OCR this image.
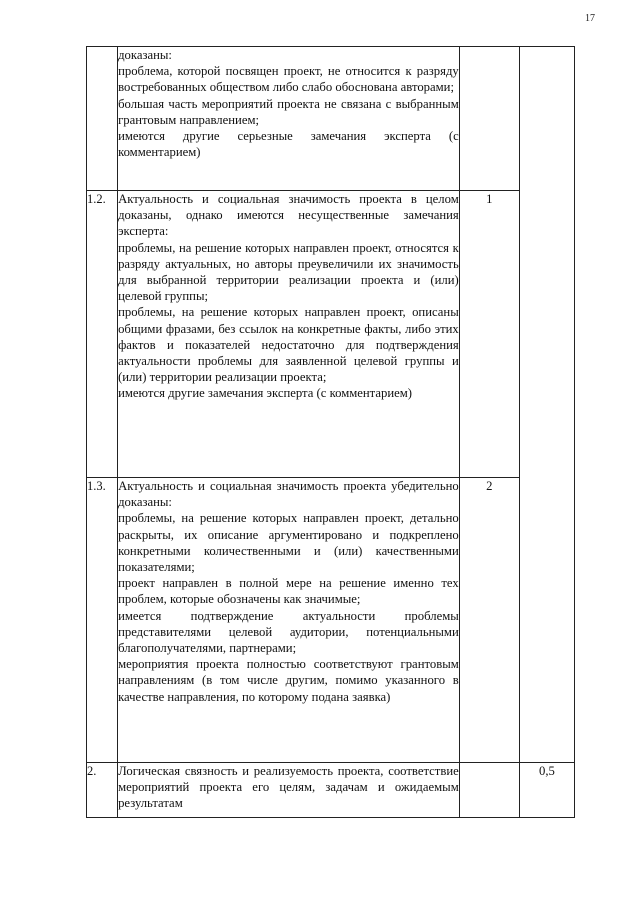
17

	доказаны:
проблема, которой посвящен проект, не относится к разряду востребованных обществом либо слабо обоснована авторами;
большая часть мероприятий проекта не связана с выбранным грантовым направлением;
имеются другие серьезные замечания эксперта (с комментарием)		

1.2.	Актуальность и социальная значимость проекта в целом доказаны, однако имеются несущественные замечания эксперта:
проблемы, на решение которых направлен проект, относятся к разряду актуальных, но авторы преувеличили их значимость для выбранной территории реализации проекта и (или) целевой группы;
проблемы, на решение которых направлен проект, описаны общими фразами, без ссылок на конкретные факты, либо этих фактов и показателей недостаточно для подтверждения актуальности проблемы для заявленной целевой группы и (или) территории реализации проекта;
имеются другие замечания эксперта (с комментарием)	1	
1.3.	Актуальность и социальная значимость проекта убедительно доказаны:
проблемы, на решение которых направлен проект, детально раскрыты, их описание аргументировано и подкреплено конкретными количественными и (или) качественными показателями;
проект направлен в полной мере на решение именно тех проблем, которые обозначены как значимые;
имеется подтверждение актуальности проблемы представителями целевой аудитории, потенциальными благополучателями, партнерами;
мероприятия проекта полностью соответствуют грантовым направлениям (в том числе другим, помимо указанного в качестве направления, по которому подана заявка)	2	
2.	Логическая связность и реализуемость проекта, соответствие мероприятий проекта его целям, задачам и ожидаемым результатам		0,5
